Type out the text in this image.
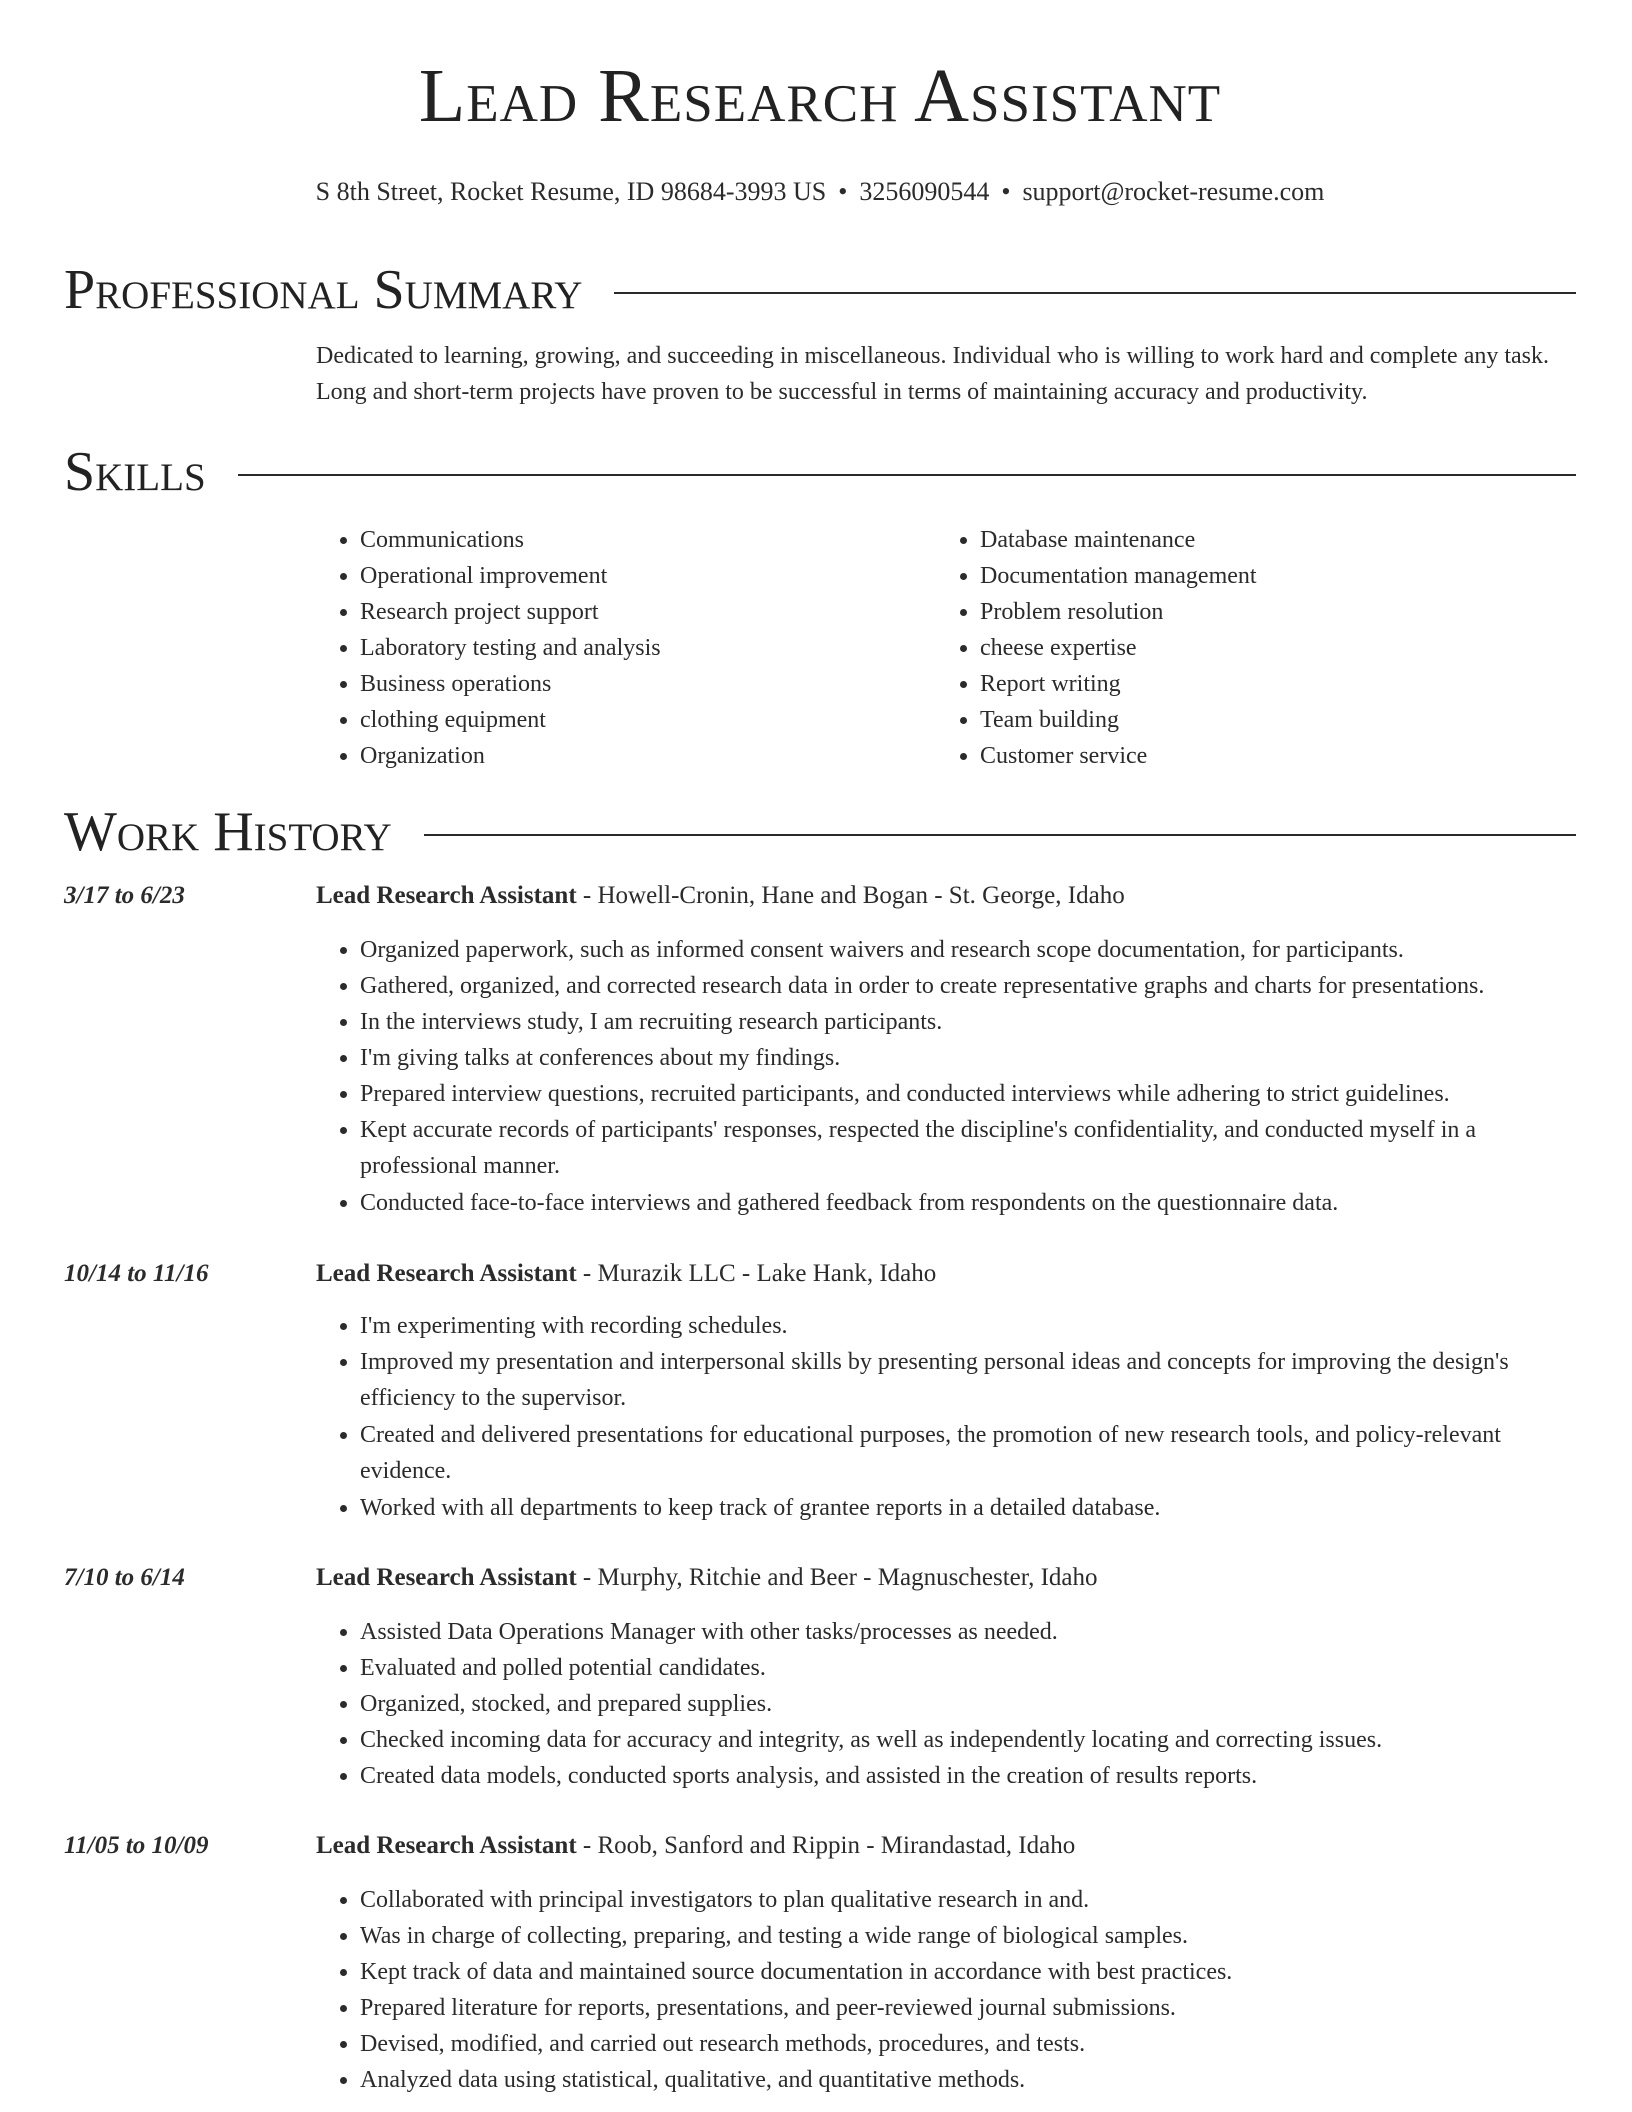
Lead Research Assistant
S 8th Street, Rocket Resume, ID 98684-3993 US • 3256090544 • support@rocket-resume.com
Professional Summary

Dedicated to learning, growing, and succeeding in miscellaneous. Individual who is willing to work hard and complete any task. Long and short-term projects have proven to be successful in terms of maintaining accuracy and productivity.

Skills
• Communications
• Operational improvement
• Research project support
• Laboratory testing and analysis
• Business operations
• clothing equipment
• Organization
• Database maintenance
• Documentation management
• Problem resolution
• cheese expertise
• Report writing
• Team building
• Customer service
Work History
3/17 to 6/23	Lead Research Assistant - Howell-Cronin, Hane and Bogan - St. George, Idaho
• Organized paperwork, such as informed consent waivers and research scope documentation, for participants.
• Gathered, organized, and corrected research data in order to create representative graphs and charts for presentations.
• In the interviews study, I am recruiting research participants.
• I'm giving talks at conferences about my findings.
• Prepared interview questions, recruited participants, and conducted interviews while adhering to strict guidelines.
• Kept accurate records of participants' responses, respected the discipline's confidentiality, and conducted myself in a professional manner.
• Conducted face-to-face interviews and gathered feedback from respondents on the questionnaire data.
10/14 to 11/16	Lead Research Assistant - Murazik LLC - Lake Hank, Idaho
• I'm experimenting with recording schedules.
• Improved my presentation and interpersonal skills by presenting personal ideas and concepts for improving the design's efficiency to the supervisor.
• Created and delivered presentations for educational purposes, the promotion of new research tools, and policy-relevant evidence.
• Worked with all departments to keep track of grantee reports in a detailed database.
7/10 to 6/14	Lead Research Assistant - Murphy, Ritchie and Beer - Magnuschester, Idaho
• Assisted Data Operations Manager with other tasks/processes as needed.
• Evaluated and polled potential candidates.
• Organized, stocked, and prepared supplies.
• Checked incoming data for accuracy and integrity, as well as independently locating and correcting issues.
• Created data models, conducted sports analysis, and assisted in the creation of results reports.
11/05 to 10/09	Lead Research Assistant - Roob, Sanford and Rippin - Mirandastad, Idaho
• Collaborated with principal investigators to plan qualitative research in and.
• Was in charge of collecting, preparing, and testing a wide range of biological samples.
• Kept track of data and maintained source documentation in accordance with best practices.
• Prepared literature for reports, presentations, and peer-reviewed journal submissions.
• Devised, modified, and carried out research methods, procedures, and tests.
• Analyzed data using statistical, qualitative, and quantitative methods.
